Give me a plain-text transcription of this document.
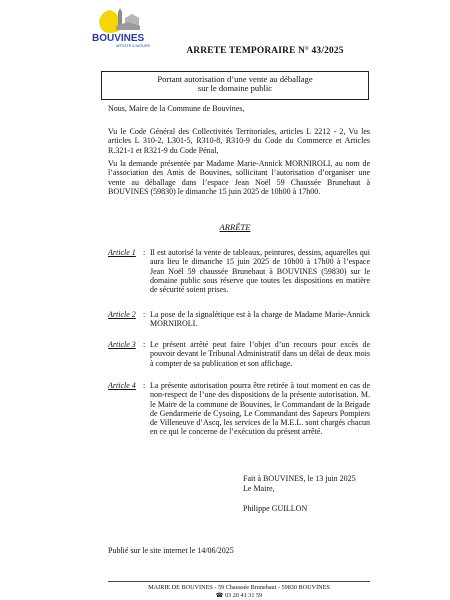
BOUVINES
ARTISTE & NATURE	ARRETE TEMPORAIRE N° 43/2025
Portant autorisation d’une vente au déballage
sur le domaine public
Nous, Maire de la Commune de Bouvines,
Vu le Code Général des Collectivités Territoriales, articles L 2212 - 2, Vu les articles L 310-2, L301-5, R310-8, R310-9 du Code du Commerce et Articles R.321-1 et R321-9 du Code Pénal,
Vu la demande présentée par Madame Marie-Annick MORNIROLI, au nom de l’association des Amis de Bouvines, sollicitant l’autorisation d’organiser une vente au déballage dans l’espace Jean Noël 59 Chaussée Brunehaut à BOUVINES (59830) le dimanche 15 juin 2025 de 10h00 à 17h00.
ARRÊTE
Article 1 : Il est autorisé la vente de tableaux, peintures, dessins, aquarelles qui aura lieu le dimanche 15 juin 2025 de 10h00 à 17h00 à l’espace Jean Noël 59 chaussée Brunehaut à BOUVINES (59830) sur le domaine public sous réserve que toutes les dispositions en matière de sécurité soient prises.
Article 2 : La pose de la signalétique est à la charge de Madame Marie-Annick MORNIROLI.
Article 3 : Le présent arrêté peut faire l’objet d’un recours pour excès de pouvoir devant le Tribunal Administratif dans un délai de deux mois à compter de sa publication et son affichage.
Article 4 : La présente autorisation pourra être retirée à tout moment en cas de non-respect de l’une des dispositions de la présente autorisation. M. le Maire de la commune de Bouvines, le Commandant de la Brigade de Gendarmerie de Cysoing, Le Commandant des Sapeurs Pompiers de Villeneuve d’Ascq, les services de la M.E.L. sont chargés chacun en ce qui le concerne de l’exécution du présent arrêté.
Fait à BOUVINES, le 13 juin 2025
Le Maire,
Philippe GUILLON
Publié sur le site internet le 14/06/2025
MAIRIE DE BOUVINES - 59 Chaussée Brunehaut - 59830 BOUVINES
☎ 03 20 41 31 59
